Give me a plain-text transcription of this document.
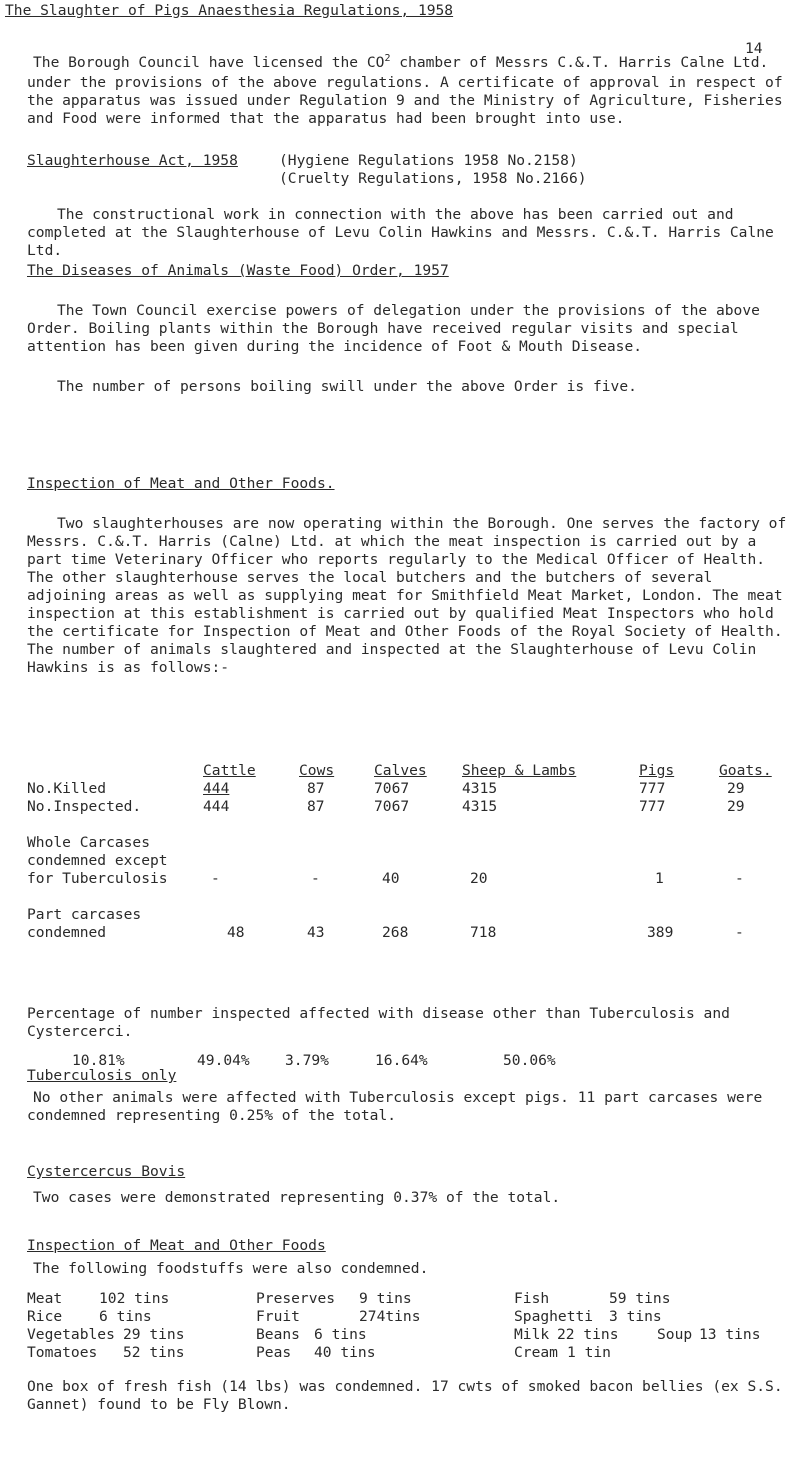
The Slaughter of Pigs Anaesthesia Regulations, 1958
14

The Borough Council have licensed the $CO^2$ chamber of Messrs C.&.T. Harris Calne Ltd. under the provisions of the above regulations. A certificate of approval in respect of the apparatus was issued under Regulation 9 and the Ministry of Agriculture, Fisheries and Food were informed that the apparatus had been brought into use.

Slaughterhouse Act, 1958	(Hygiene Regulations 1958 No.2158)
(Cruelty Regulations, 1958 No.2166)

The constructional work in connection with the above has been carried out and completed at the Slaughterhouse of Levu Colin Hawkins and Messrs. C.&.T. Harris Calne Ltd.

The Diseases of Animals (Waste Food) Order, 1957

The Town Council exercise powers of delegation under the provisions of the above Order. Boiling plants within the Borough have received regular visits and special attention has been given during the incidence of Foot & Mouth Disease.

The number of persons boiling swill under the above Order is five.

Inspection of Meat and Other Foods.

Two slaughterhouses are now operating within the Borough. One serves the factory of Messrs. C.&.T. Harris (Calne) Ltd. at which the meat inspection is carried out by a part time Veterinary Officer who reports regularly to the Medical Officer of Health. The other slaughterhouse serves the local butchers and the butchers of several adjoining areas as well as supplying meat for Smithfield Meat Market, London. The meat inspection at this establishment is carried out by qualified Meat Inspectors who hold the certificate for Inspection of Meat and Other Foods of the Royal Society of Health. The number of animals slaughtered and inspected at the Slaughterhouse of Levu Colin Hawkins is as follows:-

Cattle	Cows	Calves Sheep & Lambs	Pigs	Goats.
No.Killed	444	87	7067	4315	777	29
No.Inspected.	444	87	7067	4315	777	29
Whole Carcases
condemned except
for Tuberculosis	-	-	40	20	1	-
Part carcases
condemned	48	43	268	718	389	-

Percentage of number inspected affected with disease other than Tuberculosis and Cystercerci.

10.81%	49.04% 3.79%	16.64%	50.06%

Tuberculosis only

No other animals were affected with Tuberculosis except pigs. 11 part carcases were condemned representing 0.25% of the total.

Cystercercus Bovis

Two cases were demonstrated representing 0.37% of the total.

Inspection of Meat and Other Foods

The following foodstuffs were also condemned.

Meat	102 tins	Preserves 9 tins	Fish	59 tins
Rice	6 tins	Fruit	274tins	Spaghetti 3 tins
Vegetables 29 tins	Beans 6 tins	Milk 22 tins	Soup 13 tins
Tomatoes 52 tins	Peas 40 tins	Cream 1 tin

One box of fresh fish (14 lbs) was condemned. 17 cwts of smoked bacon bellies (ex S.S. Gannet) found to be Fly Blown.
